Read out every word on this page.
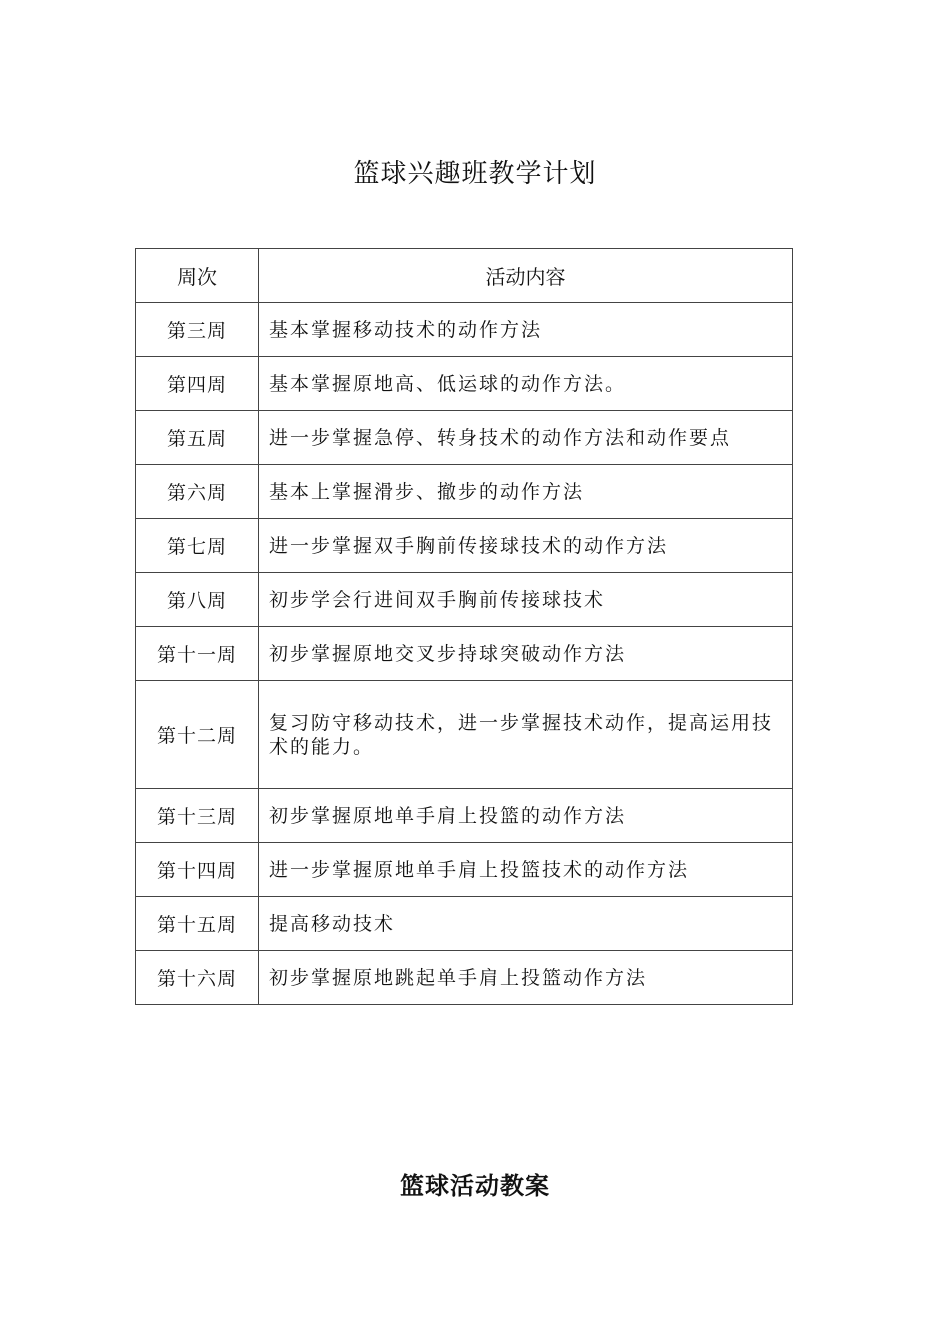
篮球兴趣班教学计划
周次	活动内容
第三周	基本掌握移动技术的动作方法
第四周	基本掌握原地高、低运球的动作方法。
第五周	进一步掌握急停、转身技术的动作方法和动作要点
第六周	基本上掌握滑步、撤步的动作方法
第七周	进一步掌握双手胸前传接球技术的动作方法
第八周	初步学会行进间双手胸前传接球技术
第十一周	初步掌握原地交叉步持球突破动作方法
第十二周	复习防守移动技术，进一步掌握技术动作，提高运用技术的能力。
第十三周	初步掌握原地单手肩上投篮的动作方法
第十四周	进一步掌握原地单手肩上投篮技术的动作方法
第十五周	提高移动技术
第十六周	初步掌握原地跳起单手肩上投篮动作方法
篮球活动教案
